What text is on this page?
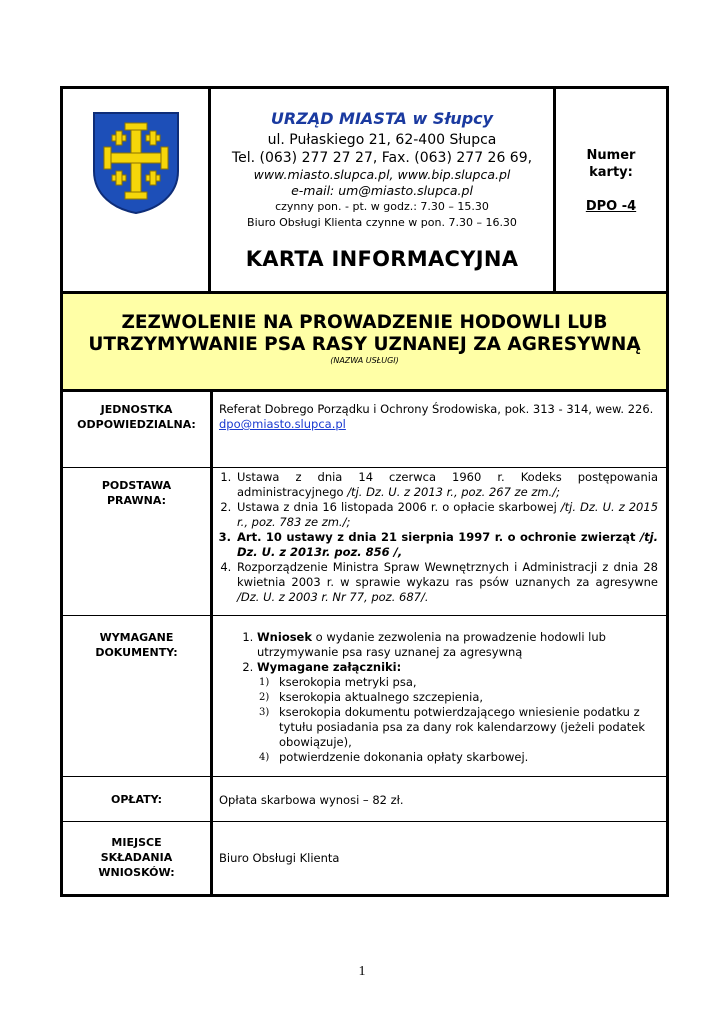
URZĄD MIASTA w Słupcy
ul. Pułaskiego 21, 62-400 Słupca
Tel. (063) 277 27 27, Fax. (063) 277 26 69,
www.miasto.slupca.pl, www.bip.slupca.pl
e-mail: um@miasto.slupca.pl
czynny pon. - pt. w godz.: 7.30 – 15.30
Biuro Obsługi Klienta czynne w pon. 7.30 – 16.30
KARTA INFORMACYJNA
Numer
karty:
DPO -4
ZEZWOLENIE NA PROWADZENIE HODOWLI LUB
UTRZYMYWANIE PSA RASY UZNANEJ ZA AGRESYWNĄ
(NAZWA USŁUGI)
JEDNOSTKA
ODPOWIEDZIALNA:
Referat Dobrego Porządku i Ochrony Środowiska, pok. 313 - 314, wew. 226.
dpo@miasto.slupca.pl
PODSTAWA
PRAWNA:
1. Ustawa z dnia 14 czerwca 1960 r. Kodeks postępowania administracyjnego /tj. Dz. U. z 2013 r., poz. 267 ze zm./;
2. Ustawa z dnia 16 listopada 2006 r. o opłacie skarbowej /tj. Dz. U. z 2015 r., poz. 783 ze zm./;
3. Art. 10 ustawy z dnia 21 sierpnia 1997 r. o ochronie zwierząt /tj. Dz. U. z 2013r. poz. 856 /,
4. Rozporządzenie Ministra Spraw Wewnętrznych i Administracji z dnia 28 kwietnia 2003 r. w sprawie wykazu ras psów uznanych za agresywne /Dz. U. z 2003 r. Nr 77, poz. 687/.
WYMAGANE
DOKUMENTY:
1. Wniosek o wydanie zezwolenia na prowadzenie hodowli lub utrzymywanie psa rasy uznanej za agresywną
2. Wymagane załączniki:
1) kserokopia metryki psa,
2) kserokopia aktualnego szczepienia,
3) kserokopia dokumentu potwierdzającego wniesienie podatku z tytułu posiadania psa za dany rok kalendarzowy (jeżeli podatek obowiązuje),
4) potwierdzenie dokonania opłaty skarbowej.
OPŁATY:	Opłata skarbowa wynosi – 82 zł.
MIEJSCE
SKŁADANIA
WNIOSKÓW:
Biuro Obsługi Klienta
1
